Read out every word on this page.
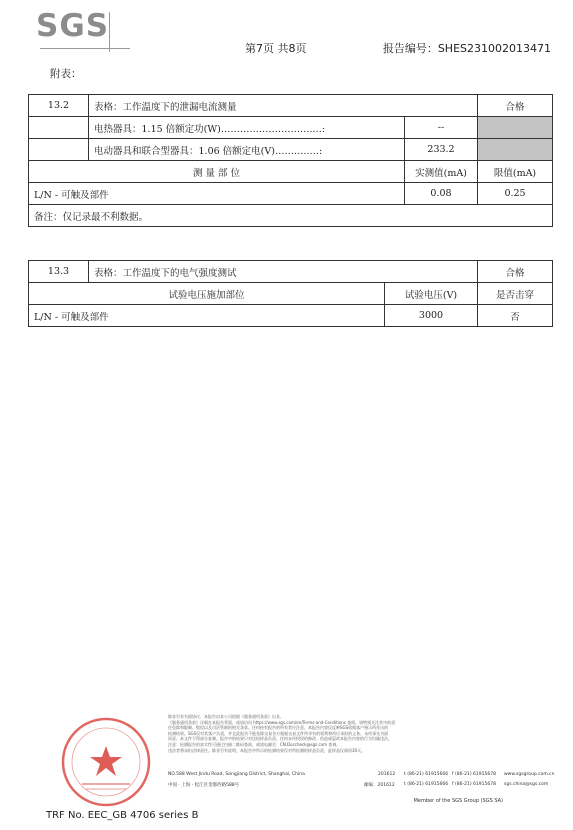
SGS
第7页 共8页	报告编号：SHES231002013471
附表：
13.2	表格：工作温度下的泄漏电流测量		合格
	电热器具：1.15 倍额定功(W)………………………..…:	--	
	电动器具和联合型器具：1.06 倍额定电(V)………..…:	233.2	
测 量 部 位		实测值(mA)	限值(mA)
L/N - 可触及部件		0.08	0.25
备注：仅记录最不利数据。			
13.3	表格：工作温度下的电气强度测试		合格
试验电压施加部位		试验电压(V)	是否击穿
L/N - 可触及部件		3000	否
除非另有书面协议，本报告由本公司依据《服务通用条款》出具，
《服务通用条款》详载在本报告背面，或请访问 https://www.sgs.com/en/Terms-and-Conditions 查阅。请特别关注其中的责
任免除和限制，赔偿以及司法管辖的相关条款。任何持有报告的所有者应注意，本报告内容仅反映SGS依据客户指示所作出的
检测结果。SGS仅对其客户负责，并且此报告不能免除交易各方根据交易文件所享有的权利和所应承担的义务。未经事先书面
同意，本文件不得部分复制。报告中的结果只对送检样品负责。任何未经授权的修改、伪造或篡改本报告内容的行为均属违法，
注意：检测报告的真实性可通过扫描二维码查询，或请电邮至：CN.Doccheck@sgs.com 查询。
违法者将承担法律责任。除非另有说明，本报告中所示的检测结果仅对所检测的样品负责，此样品仅保留30天。
NO.588 West Jindu Road, Songjiang District, Shanghai, China	201612 t (86-21) 61915666 f (86-21) 61915678 www.sgsgroup.com.cn
中国 · 上海 · 松江区金都西路588号	邮编：201612 t (86-21) 61915666 f (86-21) 61915678 sgs.china@sgs.com
Member of the SGS Group (SGS SA)
TRF No. EEC_GB 4706 series B
